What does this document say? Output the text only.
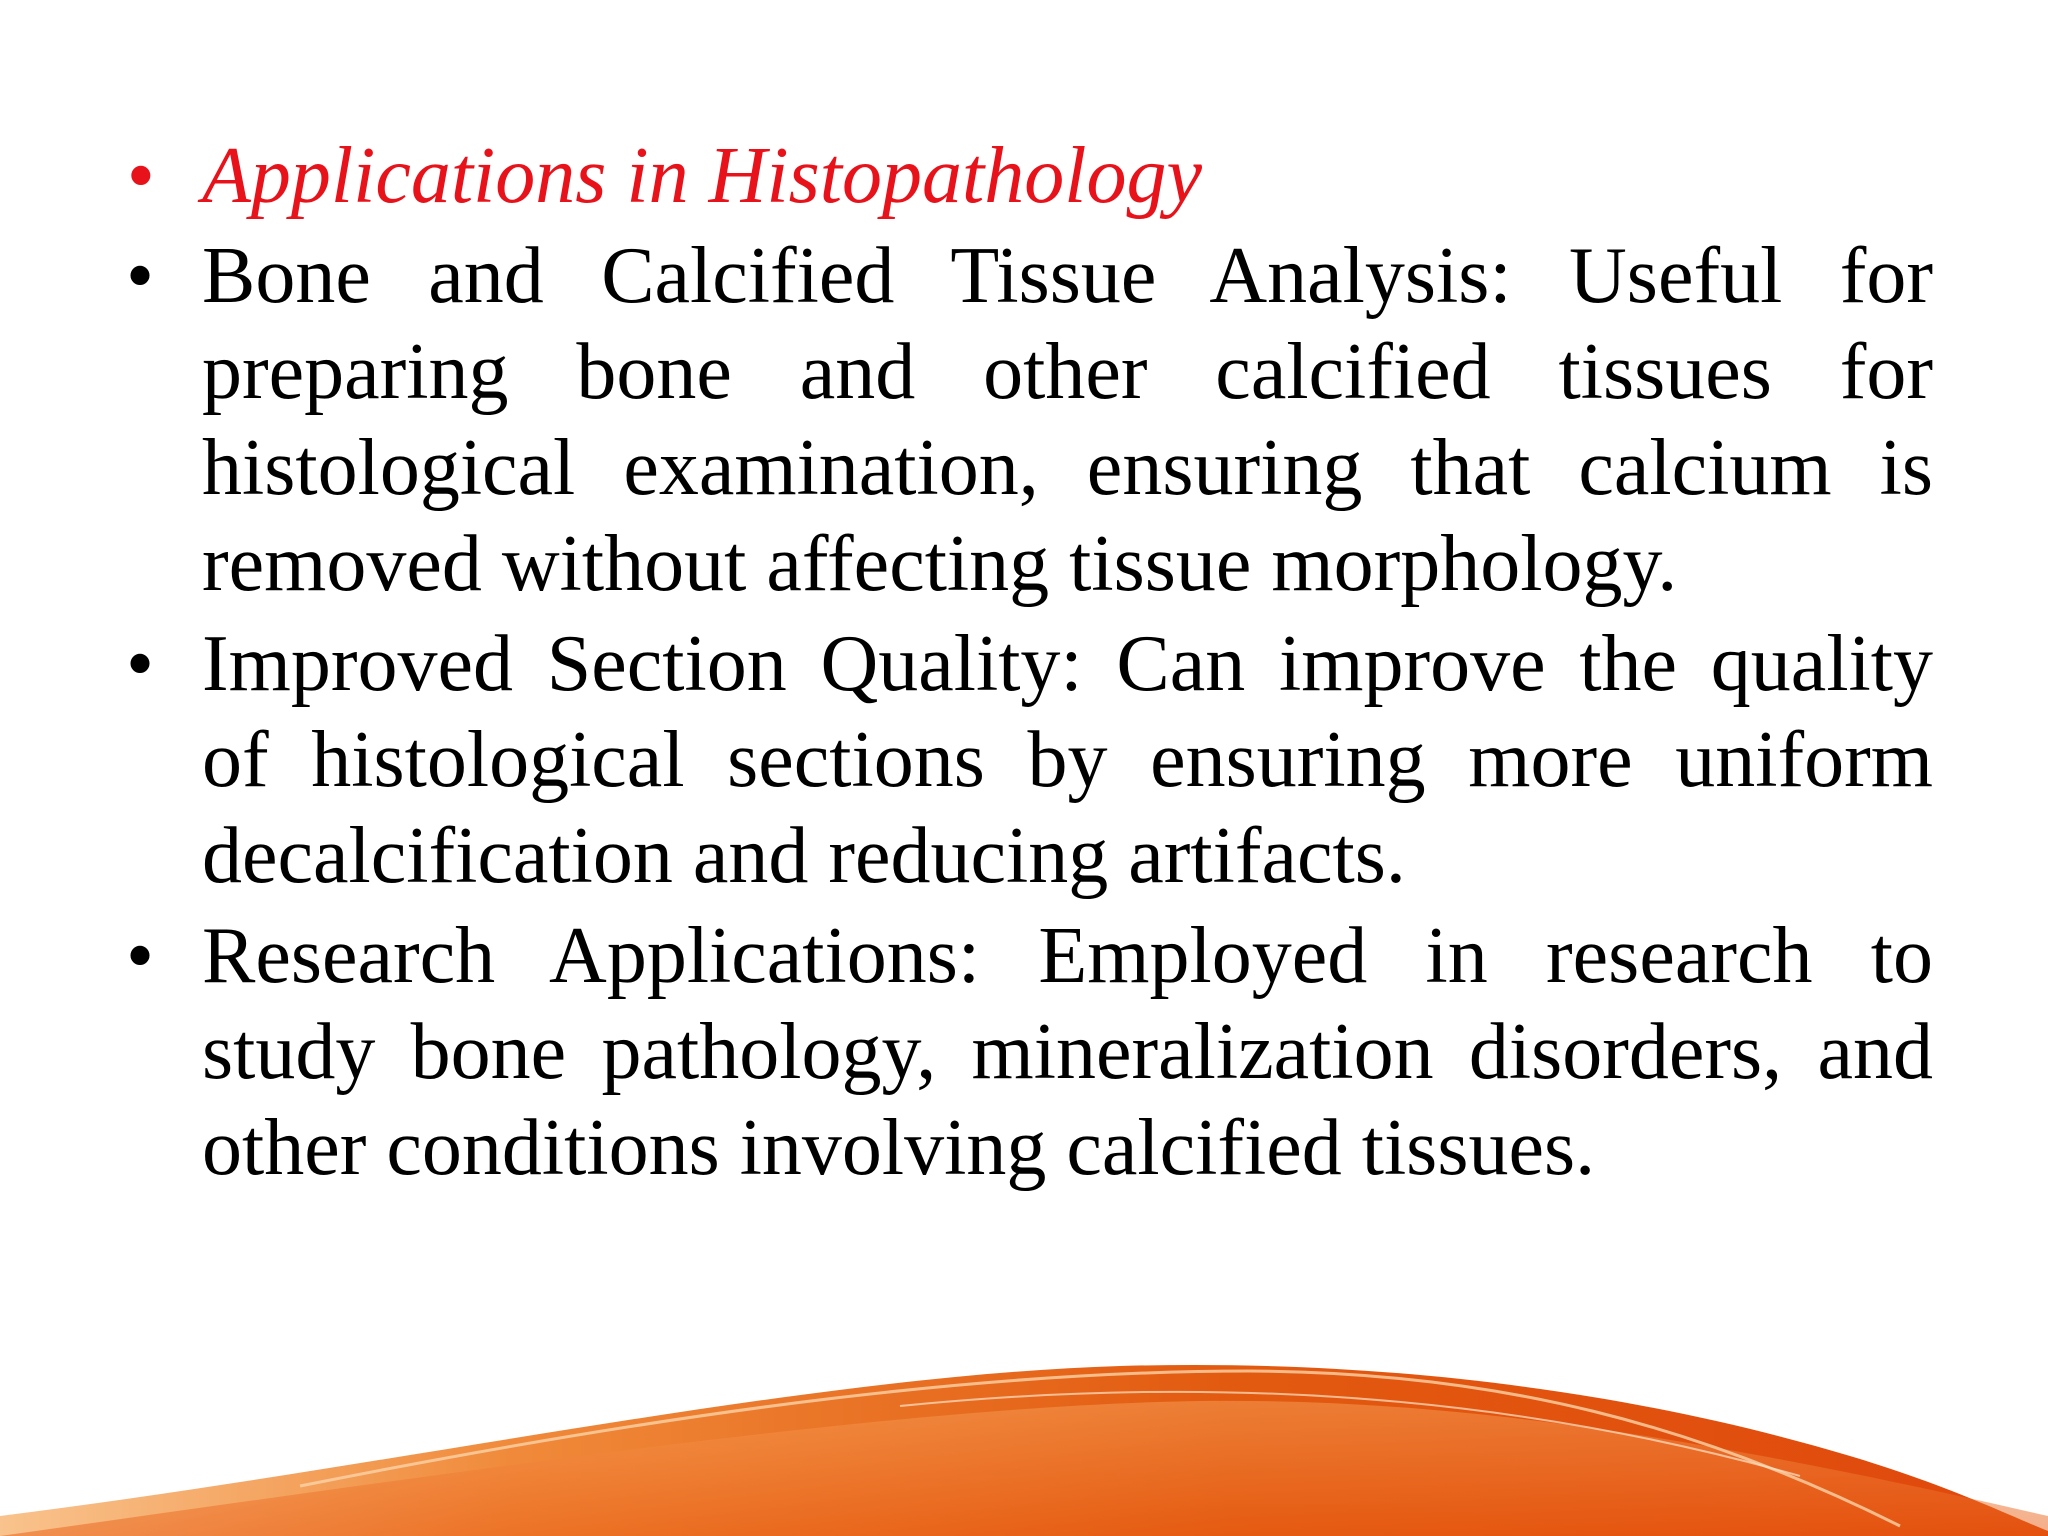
• Applications in Histopathology
• Bone and Calcified Tissue Analysis: Useful for preparing bone and other calcified tissues for histological examination, ensuring that calcium is removed without affecting tissue morphology.
• Improved Section Quality: Can improve the quality of histological sections by ensuring more uniform decalcification and reducing artifacts.
• Research Applications: Employed in research to study bone pathology, mineralization disorders, and other conditions involving calcified tissues.
